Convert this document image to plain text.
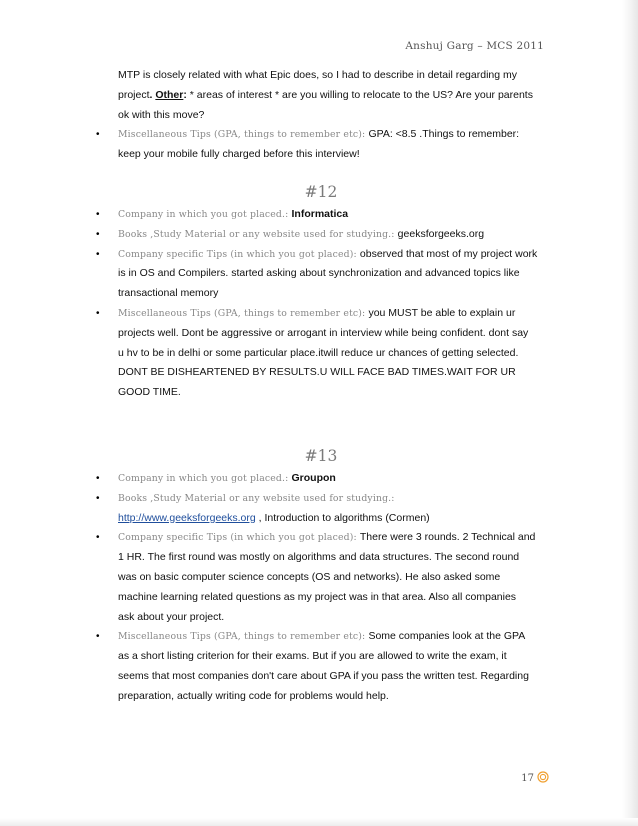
Anshuj Garg – MCS 2011
MTP is closely related with what Epic does, so I had to describe in detail regarding my
project. Other: * areas of interest * are you willing to relocate to the US? Are your parents
ok with this move?
• Miscellaneous Tips (GPA, things to remember etc): GPA: <8.5 .Things to remember:
keep your mobile fully charged before this interview!
#12
• Company in which you got placed.: Informatica
• Books ,Study Material or any website used for studying.: geeksforgeeks.org
• Company specific Tips (in which you got placed): observed that most of my project work
is in OS and Compilers. started asking about synchronization and advanced topics like
transactional memory
• Miscellaneous Tips (GPA, things to remember etc): you MUST be able to explain ur
projects well. Dont be aggressive or arrogant in interview while being confident. dont say
u hv to be in delhi or some particular place.itwill reduce ur chances of getting selected.
DONT BE DISHEARTENED BY RESULTS.U WILL FACE BAD TIMES.WAIT FOR UR
GOOD TIME.
#13
• Company in which you got placed.: Groupon
• Books ,Study Material or any website used for studying.:
http://www.geeksforgeeks.org , Introduction to algorithms (Cormen)
• Company specific Tips (in which you got placed): There were 3 rounds. 2 Technical and
1 HR. The first round was mostly on algorithms and data structures. The second round
was on basic computer science concepts (OS and networks). He also asked some
machine learning related questions as my project was in that area. Also all companies
ask about your project.
• Miscellaneous Tips (GPA, things to remember etc): Some companies look at the GPA
as a short listing criterion for their exams. But if you are allowed to write the exam, it
seems that most companies don't care about GPA if you pass the written test. Regarding
preparation, actually writing code for problems would help.
17
